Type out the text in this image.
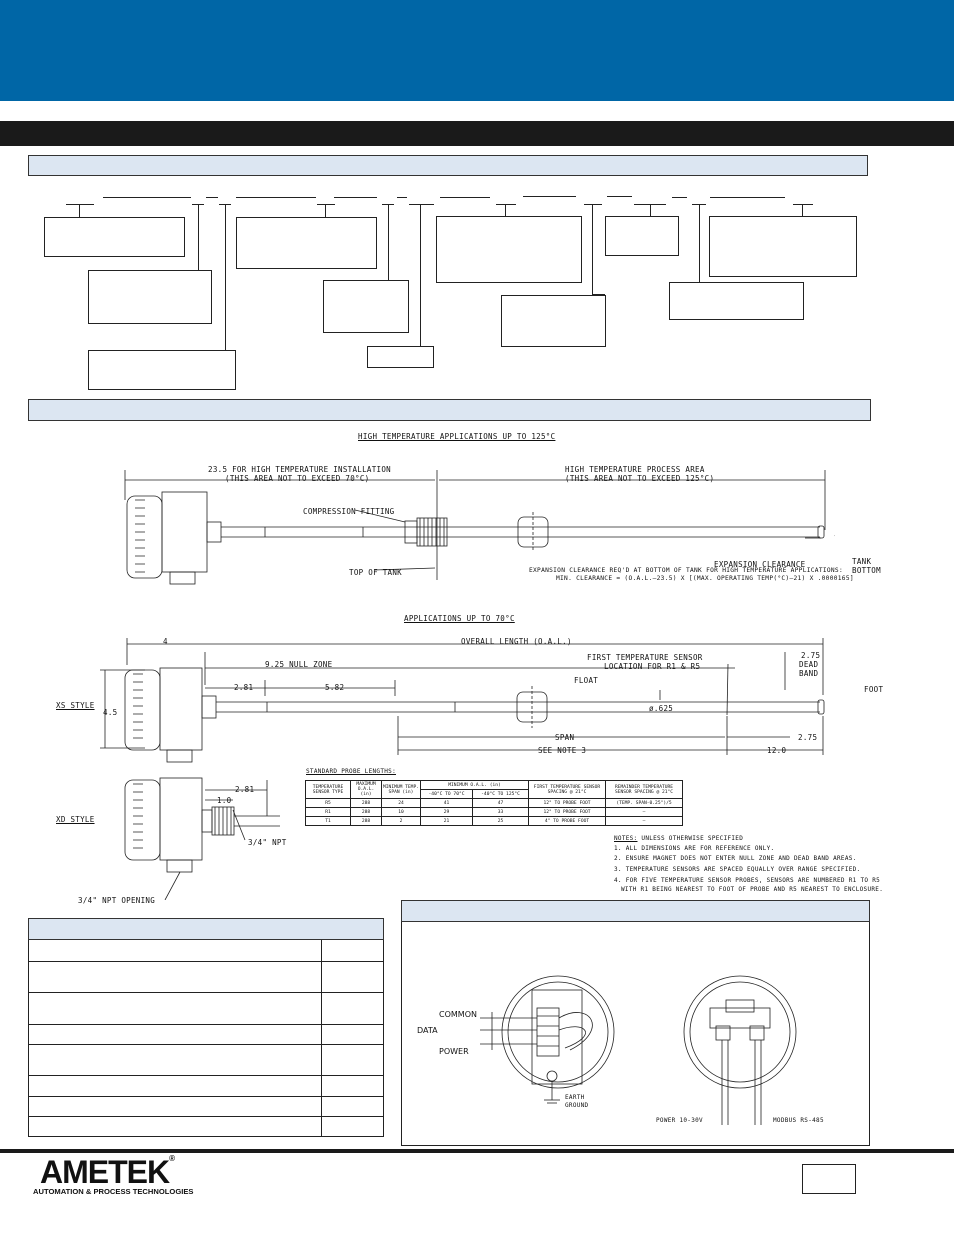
HIGH TEMPERATURE APPLICATIONS UP TO 125°C
23.5 FOR HIGH TEMPERATURE INSTALLATION
(THIS AREA NOT TO EXCEED 70°C)
HIGH TEMPERATURE PROCESS AREA
(THIS AREA NOT TO EXCEED 125°C)
COMPRESSION FITTING
TOP OF TANK
EXPANSION CLEARANCE	TANK
BOTTOM
EXPANSION CLEARANCE REQ'D AT BOTTOM OF TANK FOR HIGH TEMPERATURE APPLICATIONS:
MIN. CLEARANCE = (O.A.L.—23.5) X [(MAX. OPERATING TEMP(°C)—21) X .0000165]
APPLICATIONS UP TO 70°C
4	OVERALL LENGTH (O.A.L.)
9.25 NULL ZONE
FIRST TEMPERATURE SENSOR
LOCATION FOR R1 & R5
2.75
DEAD
BAND
FOOT
XS STYLE
4.5
2.81	5.82
FLOAT
ø.625
SPAN	2.75
SEE NOTE 3	12.0
XD STYLE
2.81
1.0
3/4" NPT
3/4" NPT OPENING
STANDARD PROBE LENGTHS:
TEMPERATURE SENSOR TYPE	MAXIMUM O.A.L. (in)	MINIMUM TEMP. SPAN (in)	MINIMUM O.A.L. (in)		FIRST TEMPERATURE SENSOR SPACING @ 21°C	REMAINDER TEMPERATURE SENSOR SPACING @ 21°C
			-40°C TO 70°C	-40°C TO 125°C		
R5	288	24	41	47	12" TO PROBE FOOT	(TEMP. SPAN-0.25")/5
R1	288	10	29	33	12" TO PROBE FOOT	–
T1	288	2	21	25	4" TO PROBE FOOT	–
NOTES: UNLESS OTHERWISE SPECIFIED
1. ALL DIMENSIONS ARE FOR REFERENCE ONLY.
2. ENSURE MAGNET DOES NOT ENTER NULL ZONE AND DEAD BAND AREAS.
3. TEMPERATURE SENSORS ARE SPACED EQUALLY OVER RANGE SPECIFIED.
4. FOR FIVE TEMPERATURE SENSOR PROBES, SENSORS ARE NUMBERED R1 TO R5
WITH R1 BEING NEAREST TO FOOT OF PROBE AND R5 NEAREST TO ENCLOSURE.
COMMON
DATA
POWER
EARTH
GROUND
POWER 10-30V	MODBUS RS-485
AMETEK®
AUTOMATION & PROCESS TECHNOLOGIES
